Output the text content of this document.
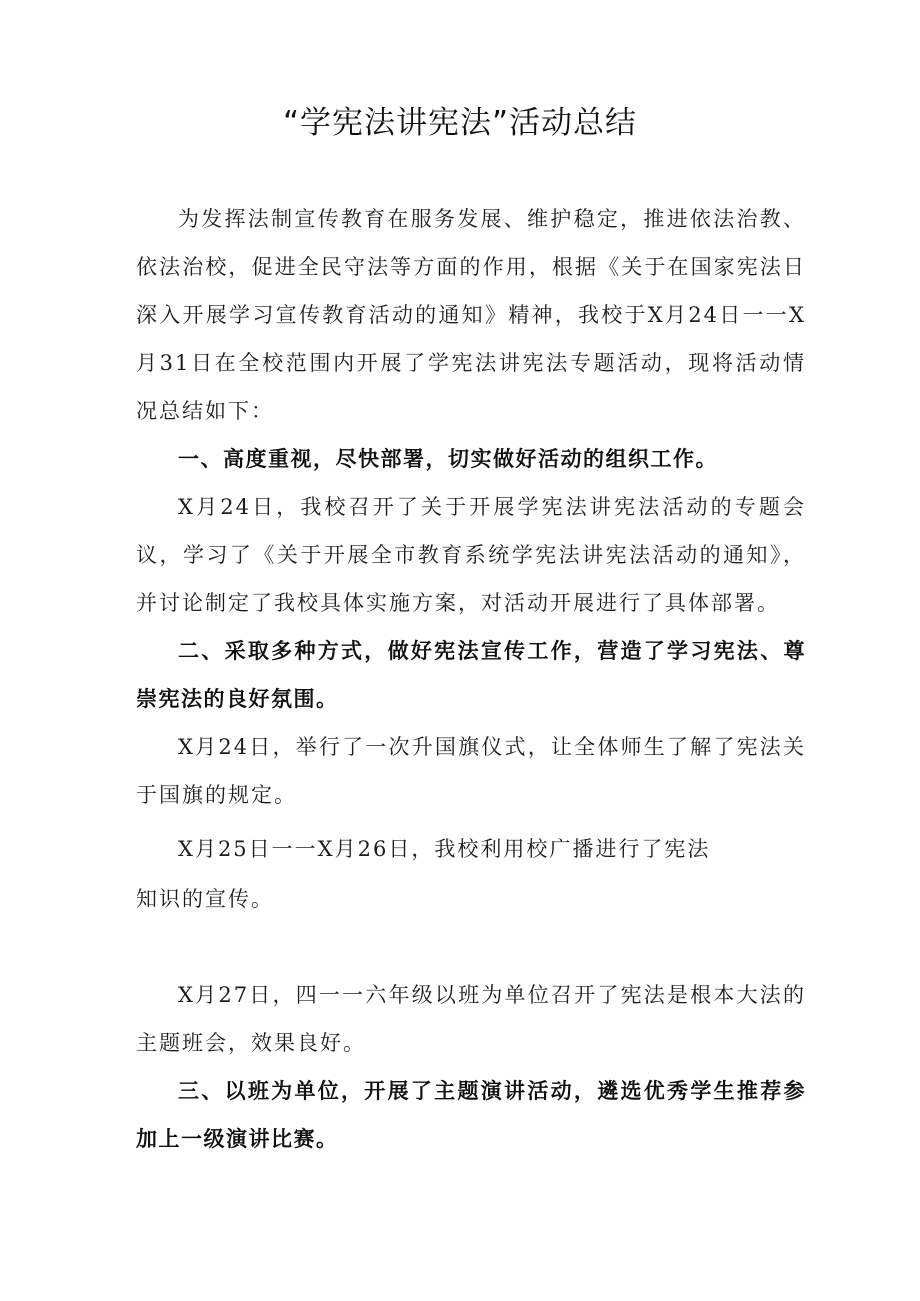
“学宪法讲宪法”活动总结

为发挥法制宣传教育在服务发展、维护稳定，推进依法治教、依法治校，促进全民守法等方面的作用，根据《关于在国家宪法日深入开展学习宣传教育活动的通知》精神，我校于X月24日一一X月31日在全校范围内开展了学宪法讲宪法专题活动，现将活动情况总结如下：

一、高度重视，尽快部署，切实做好活动的组织工作。

X月24日，我校召开了关于开展学宪法讲宪法活动的专题会议，学习了《关于开展全市教育系统学宪法讲宪法活动的通知》，并讨论制定了我校具体实施方案，对活动开展进行了具体部署。

二、采取多种方式，做好宪法宣传工作，营造了学习宪法、尊崇宪法的良好氛围。

X月24日，举行了一次升国旗仪式，让全体师生了解了宪法关于国旗的规定。

X月25日一一X月26日，我校利用校广播进行了宪法

知识的宣传。

X月27日，四一一六年级以班为单位召开了宪法是根本大法的主题班会，效果良好。

三、以班为单位，开展了主题演讲活动，遴选优秀学生推荐参加上一级演讲比赛。
